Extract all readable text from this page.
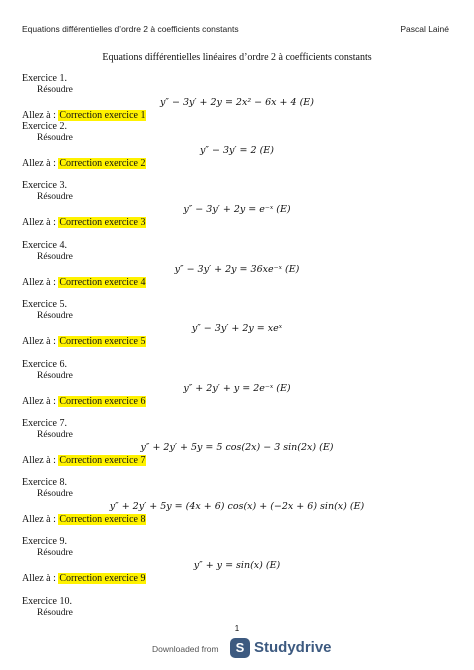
Equations différentielles d’ordre 2 à coefficients constants	Pascal Lainé
Equations différentielles linéaires d’ordre 2 à coefficients constants
Exercice 1.
Résoudre
y″ − 3y′ + 2y = 2x² − 6x + 4 (E)
Allez à : Correction exercice 1
Exercice 2.
Résoudre
y″ − 3y′ = 2 (E)
Allez à : Correction exercice 2
Exercice 3.
Résoudre
y″ − 3y′ + 2y = e⁻ˣ (E)
Allez à : Correction exercice 3
Exercice 4.
Résoudre
y″ − 3y′ + 2y = 36xe⁻ˣ (E)
Allez à : Correction exercice 4
Exercice 5.
Résoudre
y″ − 3y′ + 2y = xeˣ
Allez à : Correction exercice 5
Exercice 6.
Résoudre
y″ + 2y′ + y = 2e⁻ˣ (E)
Allez à : Correction exercice 6
Exercice 7.
Résoudre
y″ + 2y′ + 5y = 5 cos(2x) − 3 sin(2x) (E)
Allez à : Correction exercice 7
Exercice 8.
Résoudre
y″ + 2y′ + 5y = (4x + 6) cos(x) + (−2x + 6) sin(x) (E)
Allez à : Correction exercice 8
Exercice 9.
Résoudre
y″ + y = sin(x) (E)
Allez à : Correction exercice 9
Exercice 10.
Résoudre
1
Downloaded from	S Studydrive
